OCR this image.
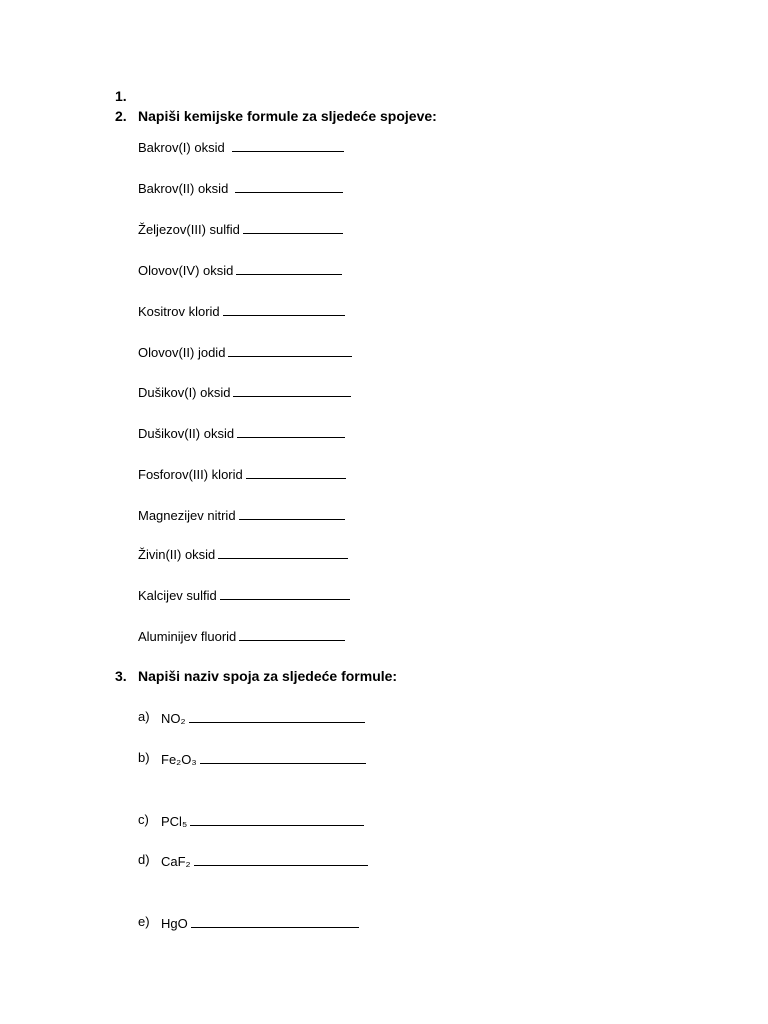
1.
2. Napiši kemijske formule za sljedeće spojeve:
Bakrov(I) oksid
Bakrov(II) oksid
Željezov(III) sulfid
Olovov(IV) oksid
Kositrov klorid
Olovov(II) jodid
Dušikov(I) oksid
Dušikov(II) oksid
Fosforov(III) klorid
Magnezijev nitrid
Živin(II) oksid
Kalcijev sulfid
Aluminijev fluorid
3. Napiši naziv spoja za sljedeće formule:
a) NO₂
b) Fe₂O₃
c) PCl₅
d) CaF₂
e) HgO
